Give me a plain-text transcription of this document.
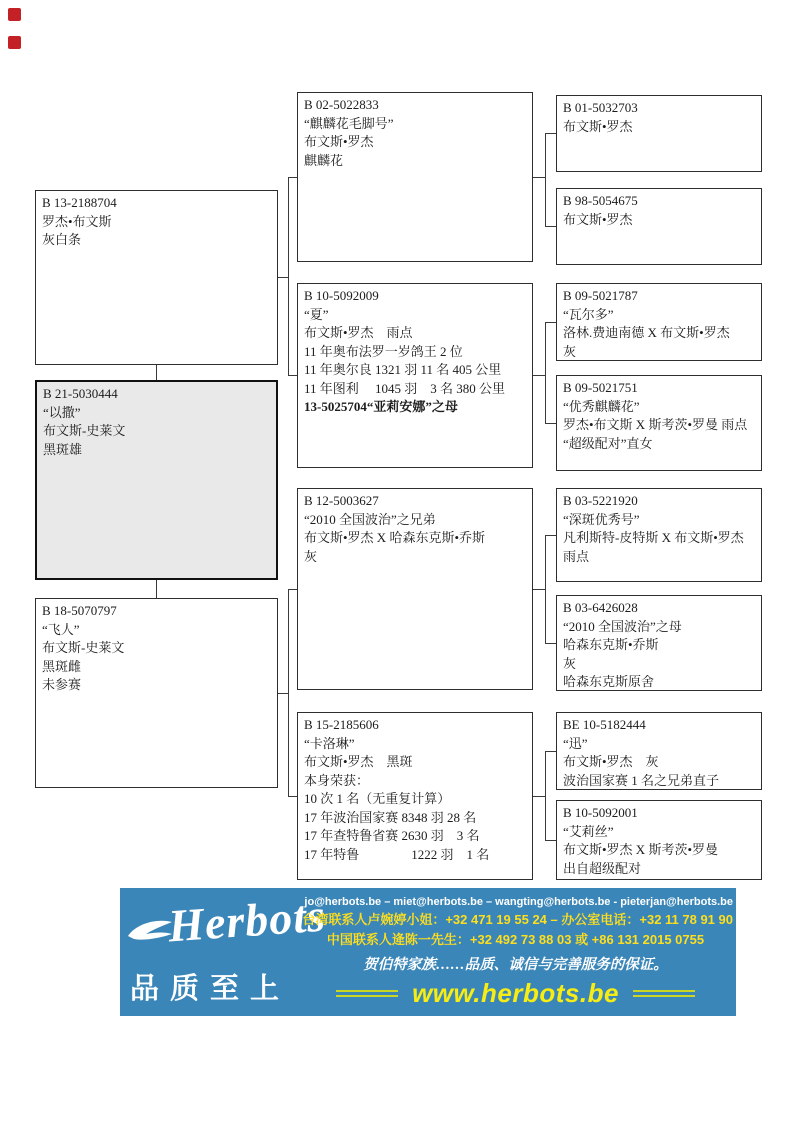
B 13-2188704
罗杰•布文斯
灰白条
B 21-5030444
“以撒”
布文斯-史莱文
黑斑雄
B 18-5070797
“飞人”
布文斯-史莱文
黑斑雌
未参赛
B 02-5022833
“麒麟花毛脚号”
布文斯•罗杰
麒麟花
B 10-5092009
“夏”
布文斯•罗杰　雨点
11 年奥布法罗一岁鸽王 2 位
11 年奥尔良 1321 羽 11 名 405 公里
11 年图利　 1045 羽　3 名 380 公里
13-5025704“亚莉安娜”之母
B 12-5003627
“2010 全国波治”之兄弟
布文斯•罗杰 X 哈森东克斯•乔斯
灰
B 15-2185606
“卡洛琳”
布文斯•罗杰　黑斑
本身荣获：
10 次 1 名（无重复计算）
17 年波治国家赛 8348 羽 28 名
17 年查特鲁省赛 2630 羽　3 名
17 年特鲁　　　　1222 羽　1 名
B 01-5032703
布文斯•罗杰
B 98-5054675
布文斯•罗杰
B 09-5021787
“瓦尔多”
洛林.费迪南德 X 布文斯•罗杰
灰
B 09-5021751
“优秀麒麟花”
罗杰•布文斯 X 斯考茨•罗曼 雨点
“超级配对”直女
B 03-5221920
“深斑优秀号”
凡利斯特-皮特斯 X 布文斯•罗杰
雨点
B 03-6426028
“2010 全国波治”之母
哈森东克斯•乔斯
灰
哈森东克斯原舍
BE 10-5182444
“迅”
布文斯•罗杰　灰
波治国家赛 1 名之兄弟直子
B 10-5092001
“艾莉丝”
布文斯•罗杰 X 斯考茨•罗曼
出自超级配对
Herbots
品质至上
jo@herbots.be – miet@herbots.be – wangting@herbots.be - pieterjan@herbots.be
台湾联系人卢婉婷小姐：+32 471 19 55 24 – 办公室电话：+32 11 78 91 90
中国联系人逄陈一先生：+32 492 73 88 03 或 +86 131 2015 0755
贺伯特家族……品质、诚信与完善服务的保证。
www.herbots.be
